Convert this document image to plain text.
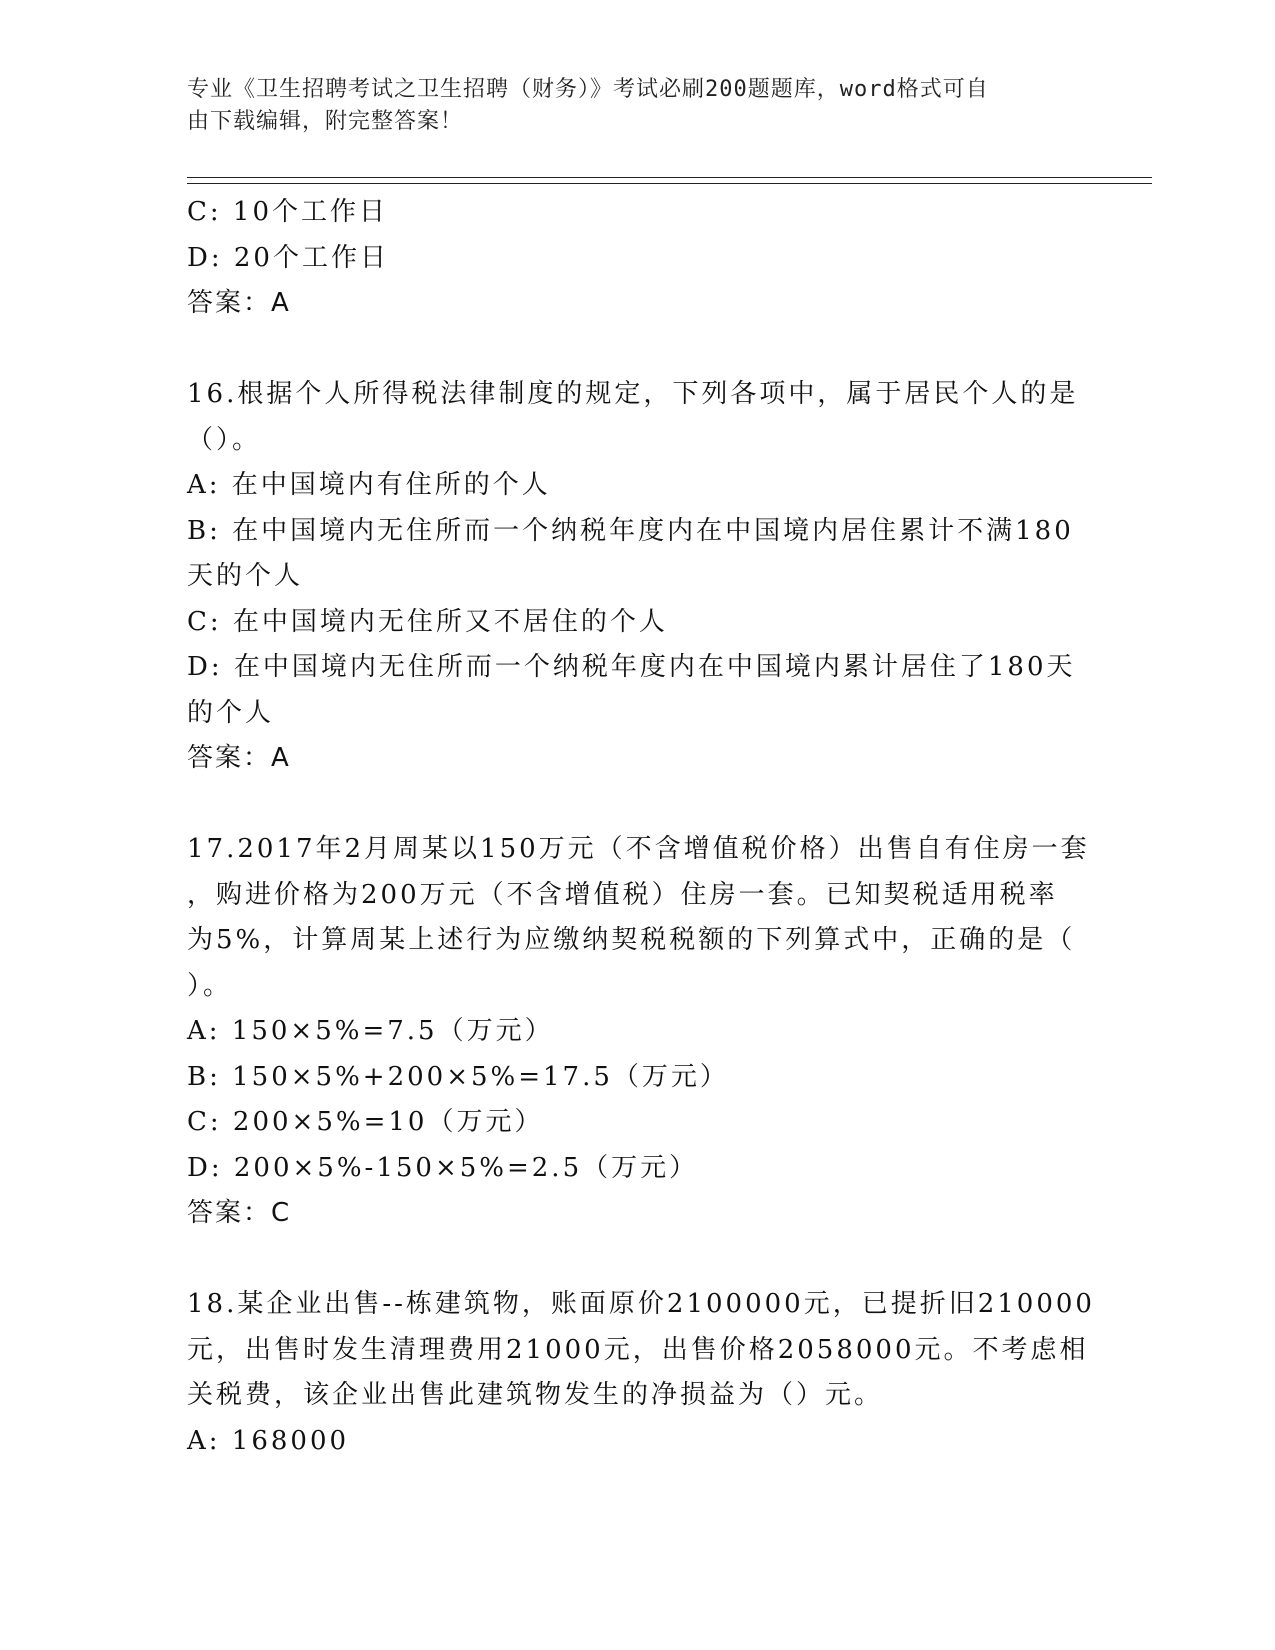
专业《卫生招聘考试之卫生招聘（财务）》考试必刷200题题库，word格式可自
由下载编辑，附完整答案！
C: 10个工作日
D: 20个工作日
答案：A
16.根据个人所得税法律制度的规定，下列各项中，属于居民个人的是
（）。
A: 在中国境内有住所的个人
B: 在中国境内无住所而一个纳税年度内在中国境内居住累计不满180
天的个人
C: 在中国境内无住所又不居住的个人
D: 在中国境内无住所而一个纳税年度内在中国境内累计居住了180天
的个人
答案：A
17.2017年2月周某以150万元（不含增值税价格）出售自有住房一套
，购进价格为200万元（不含增值税）住房一套。已知契税适用税率
为5%，计算周某上述行为应缴纳契税税额的下列算式中，正确的是（
）。
A: 150×5%=7.5（万元）
B: 150×5%+200×5%=17.5（万元）
C: 200×5%=10（万元）
D: 200×5%-150×5%=2.5（万元）
答案：C
18.某企业出售--栋建筑物，账面原价2100000元，已提折旧210000
元，出售时发生清理费用21000元，出售价格2058000元。不考虑相
关税费，该企业出售此建筑物发生的净损益为（）元。
A: 168000
